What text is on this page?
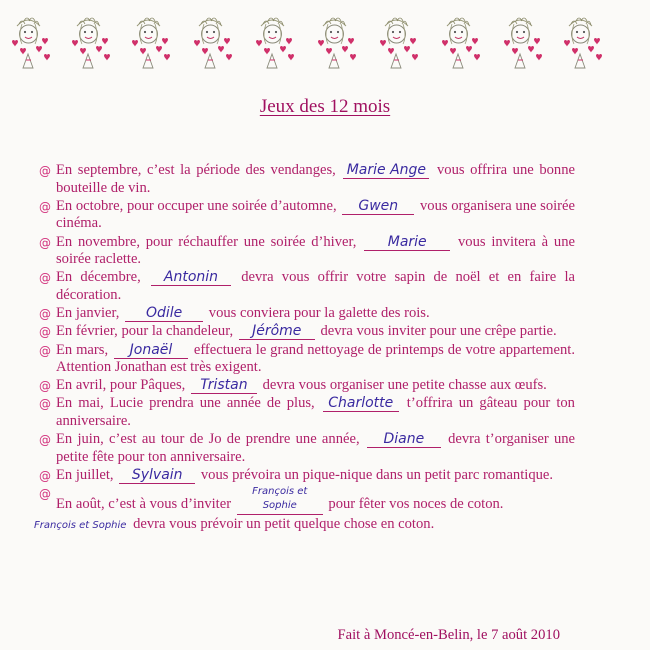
Jeux des 12 mois
@ En septembre, c’est la période des vendanges, Marie Ange vous offrira une bonne bouteille de vin.
@ En octobre, pour occuper une soirée d’automne, Gwen vous organisera une soirée cinéma.
@ En novembre, pour réchauffer une soirée d’hiver, Marie vous invitera à une soirée raclette.
@ En décembre, Antonin devra vous offrir votre sapin de noël et en faire la décoration.
@ En janvier, Odile vous conviera pour la galette des rois.
@ En février, pour la chandeleur, Jérôme devra vous inviter pour une crêpe partie.
@ En mars, Jonaël effectuera le grand nettoyage de printemps de votre appartement. Attention Jonathan est très exigent.
@ En avril, pour Pâques, Tristan devra vous organiser une petite chasse aux œufs.
@ En mai, Lucie prendra une année de plus, Charlotte t’offrira un gâteau pour ton anniversaire.
@ En juin, c’est au tour de Jo de prendre une année, Diane devra t’organiser une petite fête pour ton anniversaire.
@ En juillet, Sylvain vous prévoira un pique-nique dans un petit parc romantique.
@
En août, c’est à vous d’inviter François et Sophie pour fêter vos noces de coton.
François et Sophie devra vous prévoir un petit quelque chose en coton.
Fait à Moncé-en-Belin, le 7 août 2010
